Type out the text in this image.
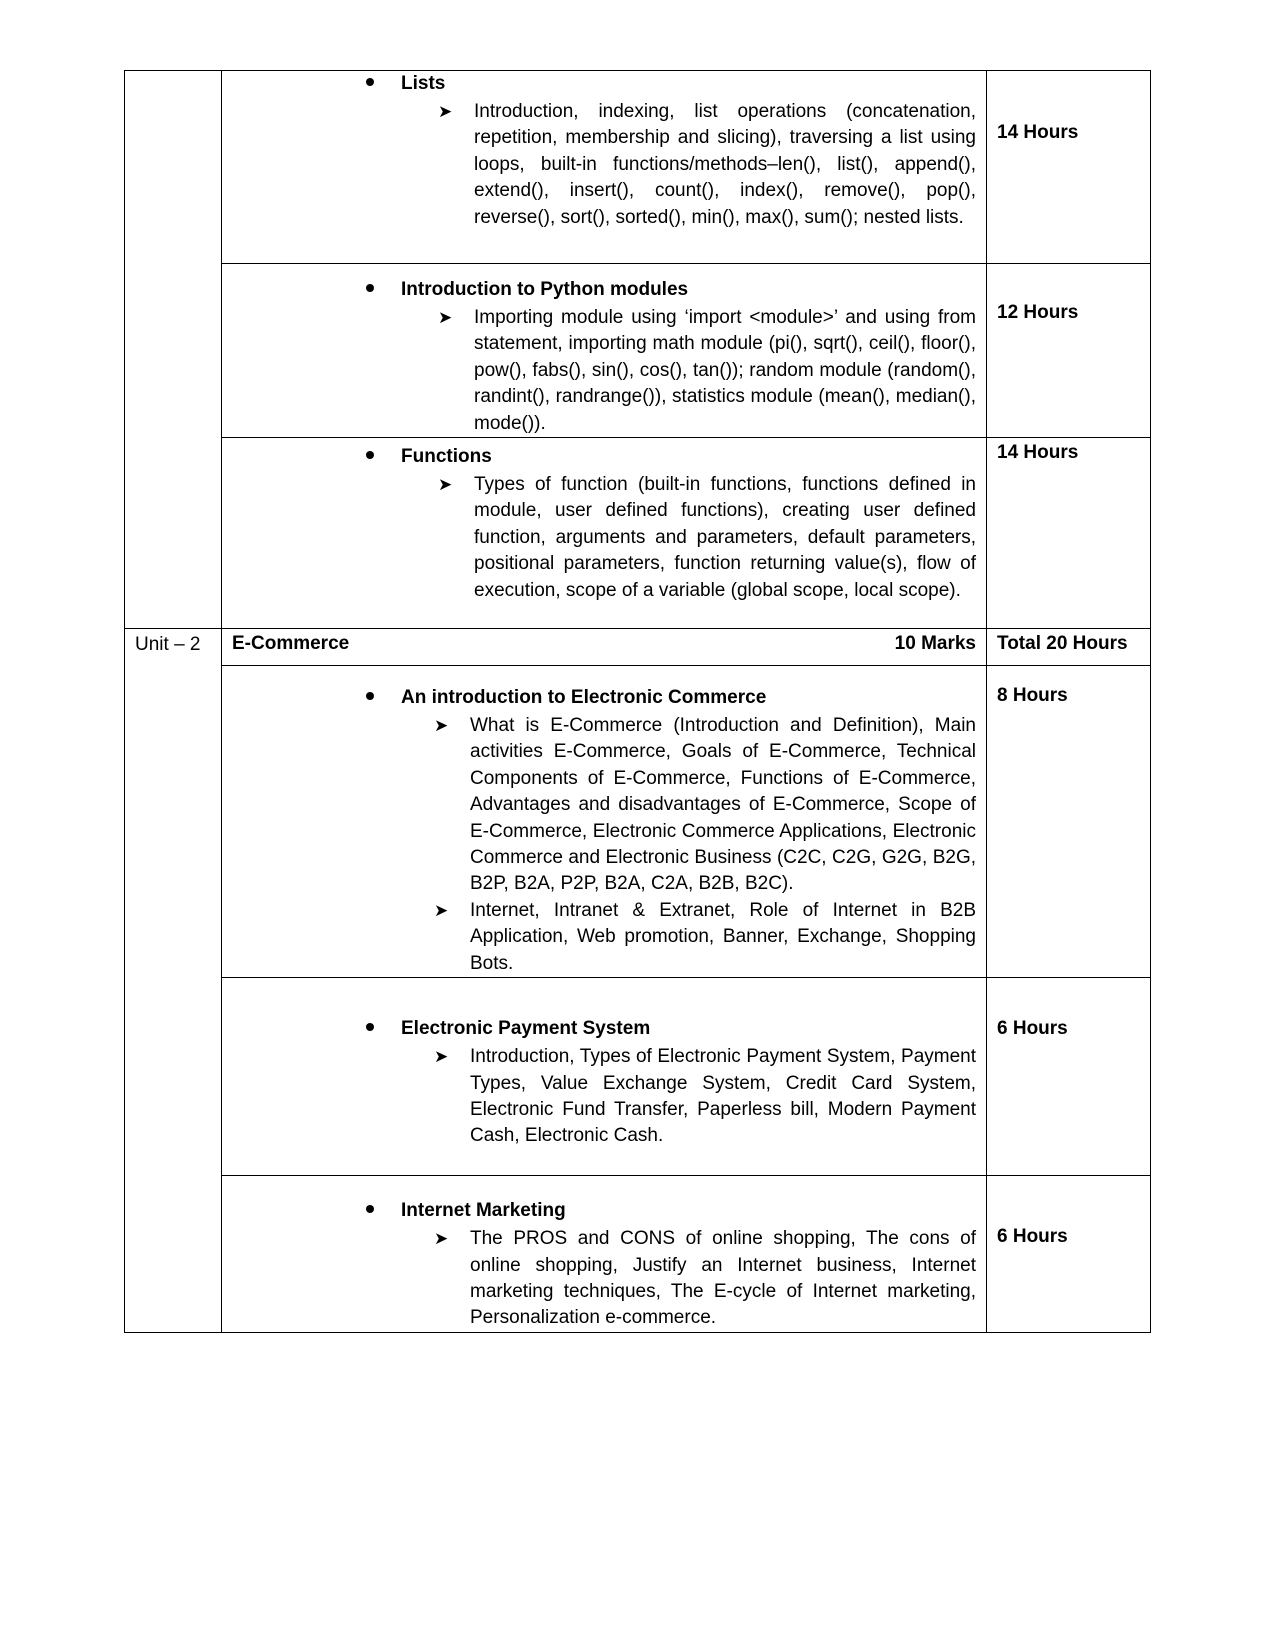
	Lists
➤ Introduction, indexing, list operations (concatenation, repetition, membership and slicing), traversing a list using loops, built-in functions/methods–len(), list(), append(), extend(), insert(), count(), index(), remove(), pop(), reverse(), sort(), sorted(), min(), max(), sum(); nested lists.	14 Hours

	Introduction to Python modules
➤ Importing module using ‘import <module>’ and using from statement, importing math module (pi(), sqrt(), ceil(), floor(), pow(), fabs(), sin(), cos(), tan()); random module (random(), randint(), randrange()), statistics module (mean(), median(), mode()).	12 Hours

	Functions
➤ Types of function (built-in functions, functions defined in module, user defined functions), creating user defined function, arguments and parameters, default parameters, positional parameters, function returning value(s), flow of execution, scope of a variable (global scope, local scope).	14 Hours

Unit – 2	E-Commerce 10 Marks	Total 20 Hours

	An introduction to Electronic Commerce
➤ What is E-Commerce (Introduction and Definition), Main activities E-Commerce, Goals of E-Commerce, Technical Components of E-Commerce, Functions of E-Commerce, Advantages and disadvantages of E-Commerce, Scope of E-Commerce, Electronic Commerce Applications, Electronic Commerce and Electronic Business (C2C, C2G, G2G, B2G, B2P, B2A, P2P, B2A, C2A, B2B, B2C).
➤ Internet, Intranet & Extranet, Role of Internet in B2B Application, Web promotion, Banner, Exchange, Shopping Bots.	8 Hours

	Electronic Payment System
➤ Introduction, Types of Electronic Payment System, Payment Types, Value Exchange System, Credit Card System, Electronic Fund Transfer, Paperless bill, Modern Payment Cash, Electronic Cash.	6 Hours

	Internet Marketing
➤ The PROS and CONS of online shopping, The cons of online shopping, Justify an Internet business, Internet marketing techniques, The E-cycle of Internet marketing, Personalization e-commerce.	6 Hours
